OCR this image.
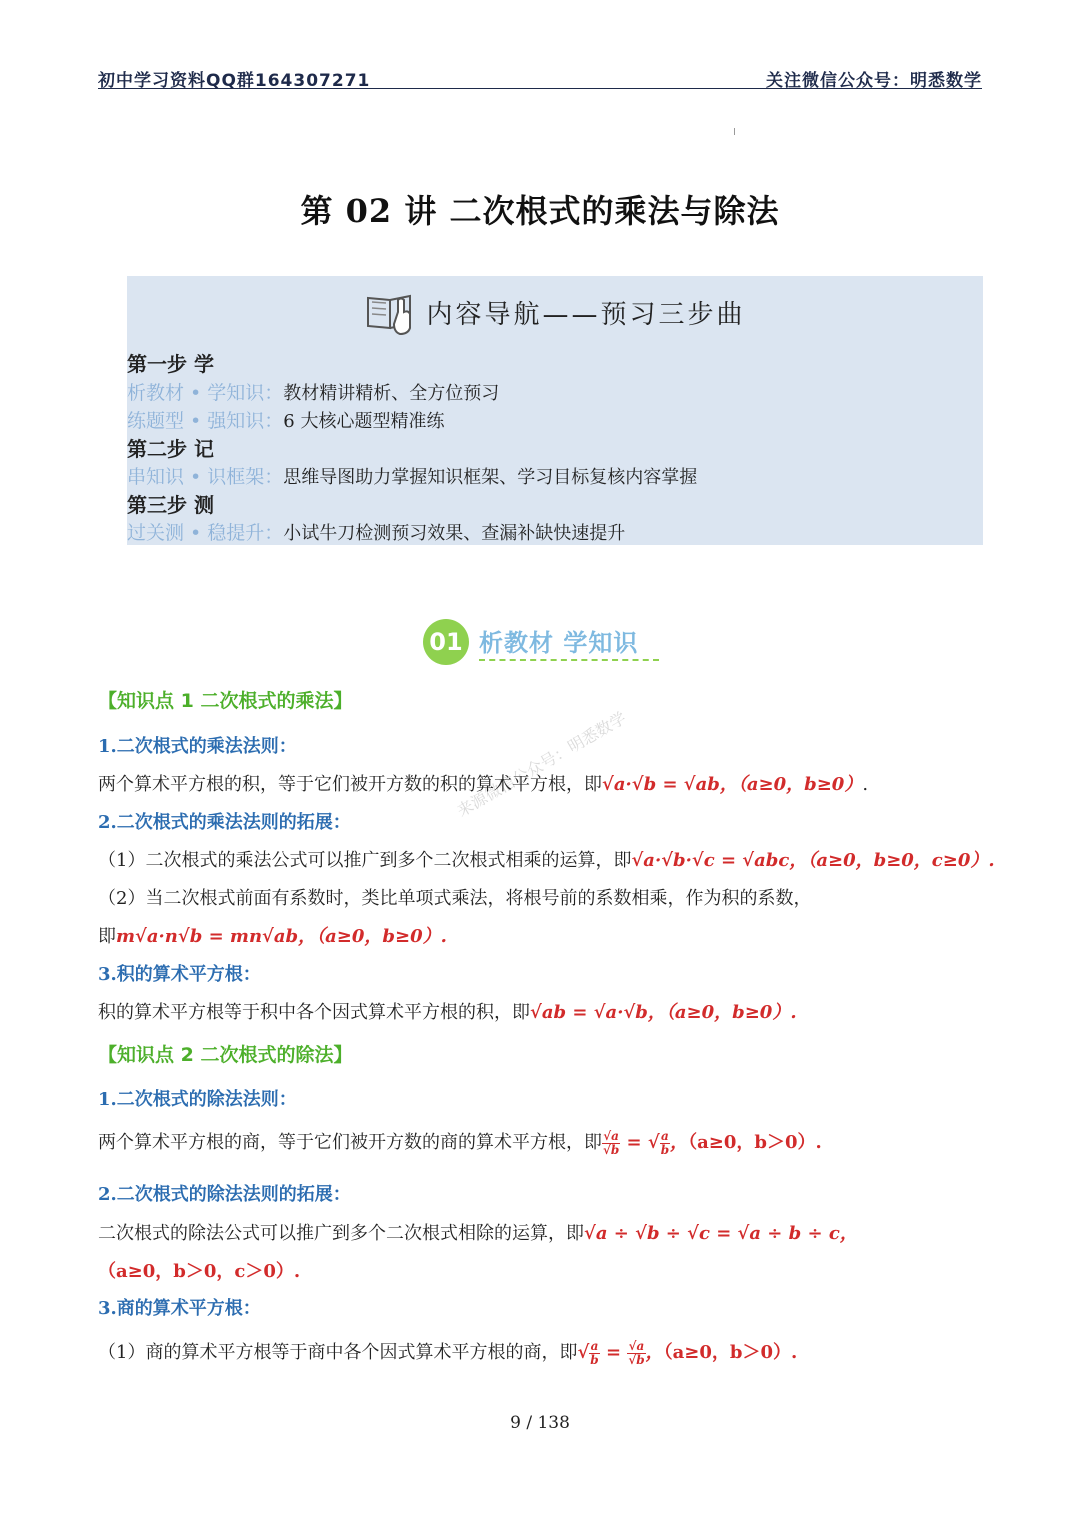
初中学习资料QQ群164307271	关注微信公众号：明悉数学
第 02 讲 二次根式的乘法与除法
内容导航——预习三步曲
第一步 学
析教材 • 学知识：教材精讲精析、全方位预习
练题型 • 强知识：6 大核心题型精准练
第二步 记
串知识 • 识框架：思维导图助力掌握知识框架、学习目标复核内容掌握
第三步 测
过关测 • 稳提升：小试牛刀检测预习效果、查漏补缺快速提升
01 析教材 学知识
来源微信公众号：明悉数学
【知识点 1 二次根式的乘法】
1.二次根式的乘法法则：
两个算术平方根的积，等于它们被开方数的积的算术平方根，即√a·√b = √ab，（a≥0，b≥0）.
2.二次根式的乘法法则的拓展：
（1）二次根式的乘法公式可以推广到多个二次根式相乘的运算，即√a·√b·√c = √abc，（a≥0，b≥0，c≥0）.
（2）当二次根式前面有系数时，类比单项式乘法，将根号前的系数相乘，作为积的系数，
即m√a·n√b = mn√ab，（a≥0，b≥0）.
3.积的算术平方根：
积的算术平方根等于积中各个因式算术平方根的积，即√ab = √a·√b，（a≥0，b≥0）.
【知识点 2 二次根式的除法】
1.二次根式的除法法则：
两个算术平方根的商，等于它们被开方数的商的算术平方根，即 $\frac{√a}{√b}$ = √ $\frac{a}{b}$ ，（a≥0，b＞0）.
2.二次根式的除法法则的拓展：
二次根式的除法公式可以推广到多个二次根式相除的运算，即√a ÷ √b ÷ √c = √a ÷ b ÷ c，
（a≥0，b＞0，c＞0）.
3.商的算术平方根：
（1）商的算术平方根等于商中各个因式算术平方根的商，即√ $\frac{a}{b} = \frac{√a}{√b}$ ，（a≥0，b＞0）.
9 / 138
